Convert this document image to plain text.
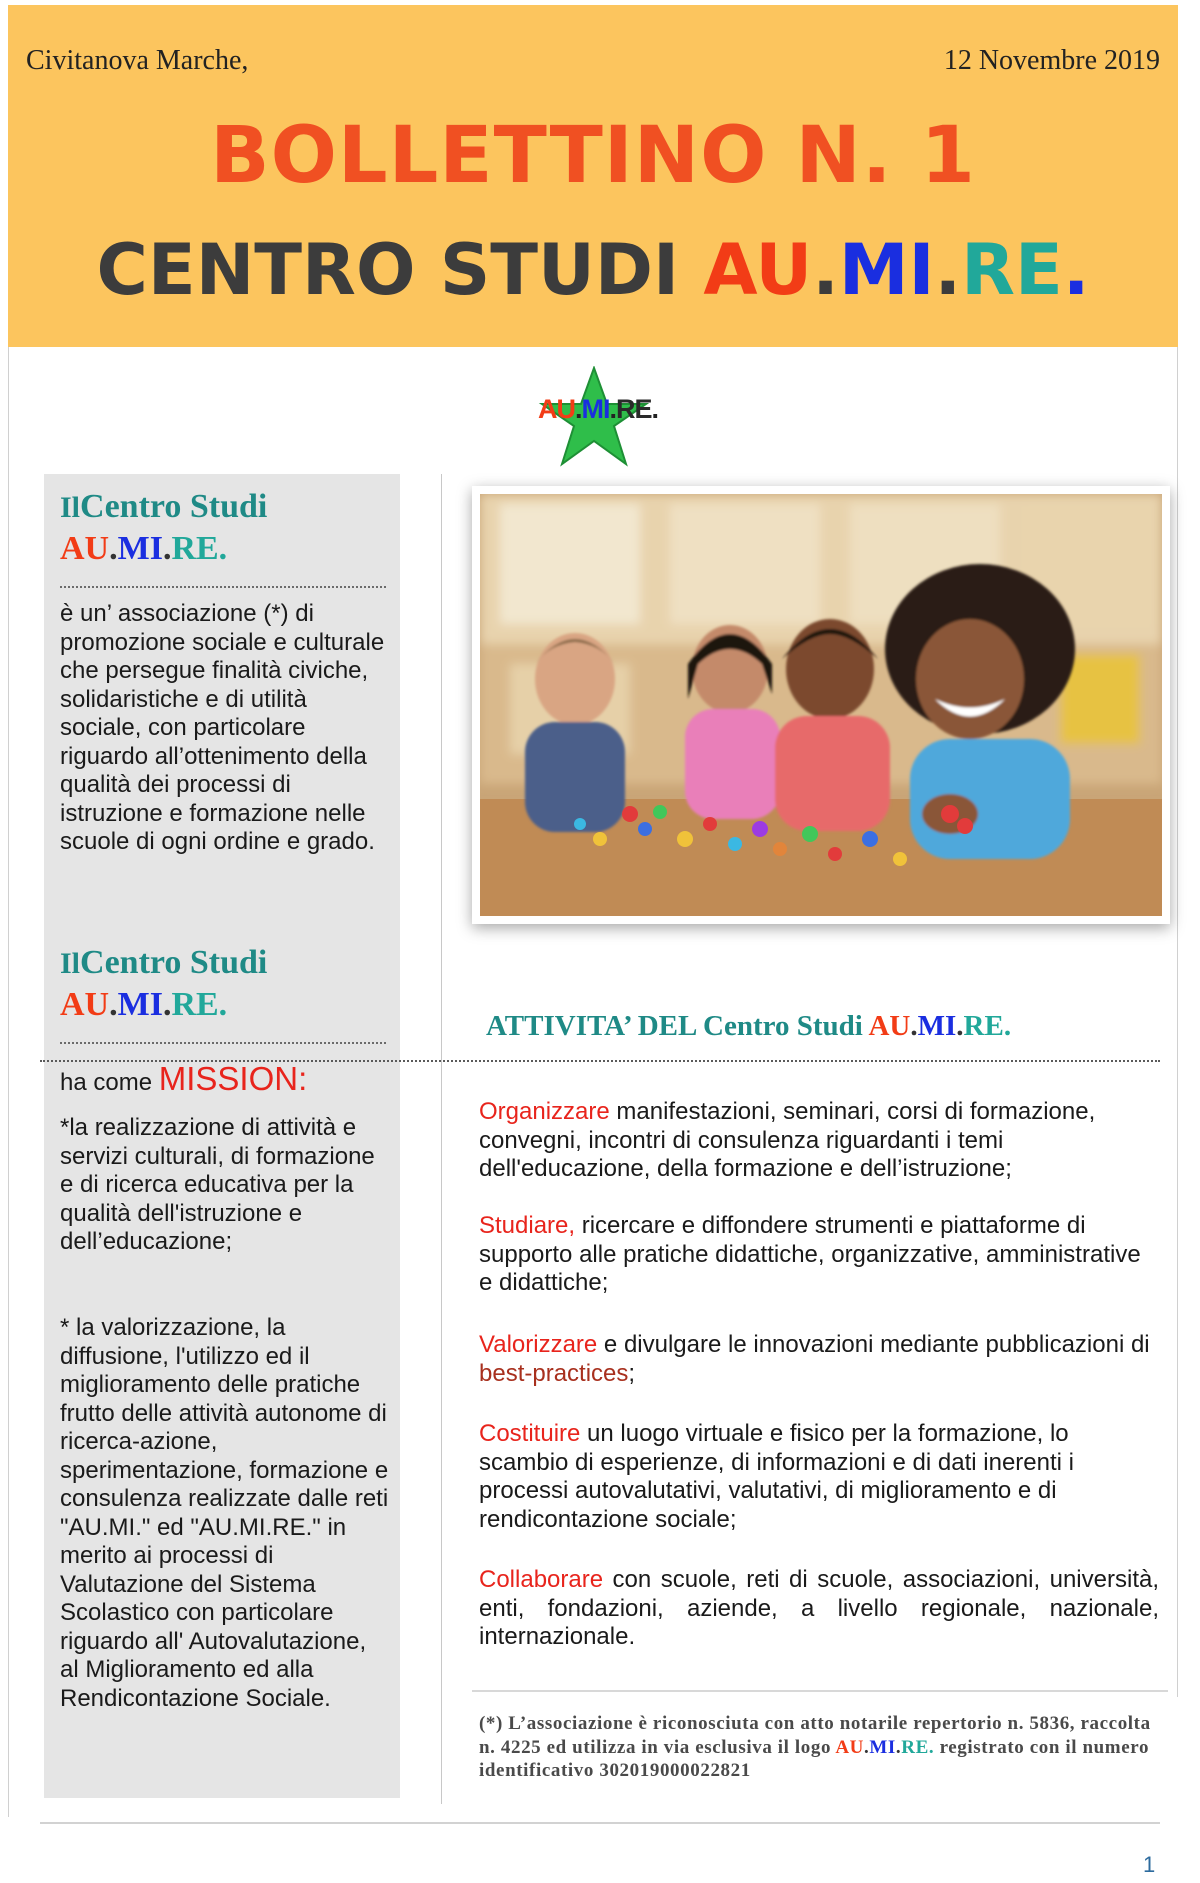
Civitanova Marche,	12 Novembre 2019
BOLLETTINO N. 1
CENTRO STUDI AU.MI.RE.
AU.MI.RE.
IlCentro Studi
AU.MI.RE.
è un’ associazione (*) di promozione sociale e culturale che persegue finalità civiche, solidaristiche e di utilità sociale, con particolare riguardo all’ottenimento della qualità dei processi di istruzione e formazione nelle scuole di ogni ordine e grado.
IlCentro Studi
AU.MI.RE.
ha come MISSION:
*la realizzazione di attività e servizi culturali, di formazione e di ricerca educativa per la qualità dell'istruzione e dell’educazione;
* la valorizzazione, la diffusione, l'utilizzo ed il miglioramento delle pratiche frutto delle attività autonome di ricerca-azione, sperimentazione, formazione e consulenza realizzate dalle reti "AU.MI." ed "AU.MI.RE." in merito ai processi di Valutazione del Sistema Scolastico con particolare riguardo all' Autovalutazione, al Miglioramento ed alla Rendicontazione Sociale.
ATTIVITA’ DEL Centro Studi AU.MI.RE.
Organizzare manifestazioni, seminari, corsi di formazione, convegni, incontri di consulenza riguardanti i temi dell'educazione, della formazione e dell’istruzione;
Studiare, ricercare e diffondere strumenti e piattaforme di supporto alle pratiche didattiche, organizzative, amministrative e didattiche;
Valorizzare e divulgare le innovazioni mediante pubblicazioni di best-practices;
Costituire un luogo virtuale e fisico per la formazione, lo scambio di esperienze, di informazioni e di dati inerenti i processi autovalutativi, valutativi, di miglioramento e di rendicontazione sociale;
Collaborare con scuole, reti di scuole, associazioni, università, enti, fondazioni, aziende, a livello regionale, nazionale, internazionale.
(*) L’associazione è riconosciuta con atto notarile repertorio n. 5836, raccolta n. 4225 ed utilizza in via esclusiva il logo AU.MI.RE. registrato con il numero identificativo 302019000022821
1
